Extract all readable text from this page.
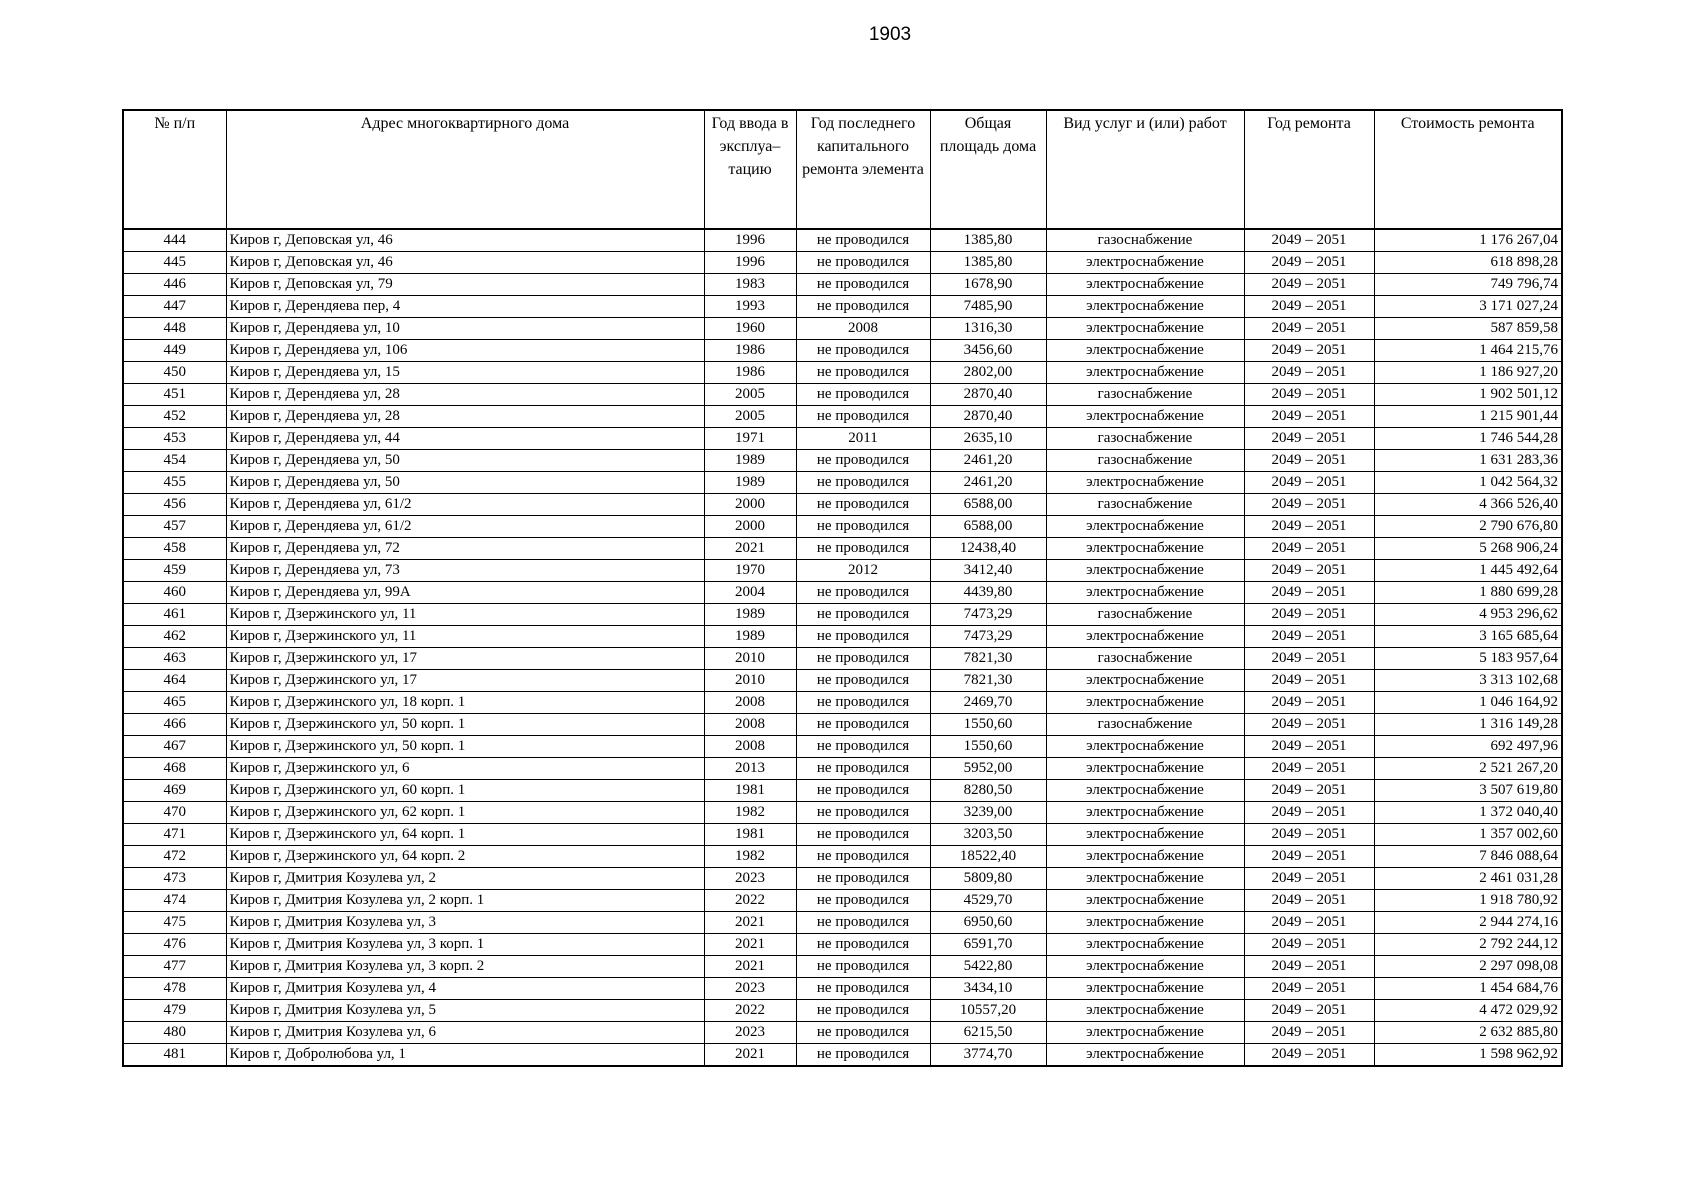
1903
№ п/п	Адрес многоквартирного дома	Год ввода в эксплуа–тацию	Год последнего капитального ремонта элемента	Общая площадь дома	Вид услуг и (или) работ	Год ремонта	Стоимость ремонта
444	Киров г, Деповская ул, 46	1996	не проводился	1385,80	газоснабжение	2049 – 2051	1 176 267,04
445	Киров г, Деповская ул, 46	1996	не проводился	1385,80	электроснабжение	2049 – 2051	618 898,28
446	Киров г, Деповская ул, 79	1983	не проводился	1678,90	электроснабжение	2049 – 2051	749 796,74
447	Киров г, Дерендяева пер, 4	1993	не проводился	7485,90	электроснабжение	2049 – 2051	3 171 027,24
448	Киров г, Дерендяева ул, 10	1960	2008	1316,30	электроснабжение	2049 – 2051	587 859,58
449	Киров г, Дерендяева ул, 106	1986	не проводился	3456,60	электроснабжение	2049 – 2051	1 464 215,76
450	Киров г, Дерендяева ул, 15	1986	не проводился	2802,00	электроснабжение	2049 – 2051	1 186 927,20
451	Киров г, Дерендяева ул, 28	2005	не проводился	2870,40	газоснабжение	2049 – 2051	1 902 501,12
452	Киров г, Дерендяева ул, 28	2005	не проводился	2870,40	электроснабжение	2049 – 2051	1 215 901,44
453	Киров г, Дерендяева ул, 44	1971	2011	2635,10	газоснабжение	2049 – 2051	1 746 544,28
454	Киров г, Дерендяева ул, 50	1989	не проводился	2461,20	газоснабжение	2049 – 2051	1 631 283,36
455	Киров г, Дерендяева ул, 50	1989	не проводился	2461,20	электроснабжение	2049 – 2051	1 042 564,32
456	Киров г, Дерендяева ул, 61/2	2000	не проводился	6588,00	газоснабжение	2049 – 2051	4 366 526,40
457	Киров г, Дерендяева ул, 61/2	2000	не проводился	6588,00	электроснабжение	2049 – 2051	2 790 676,80
458	Киров г, Дерендяева ул, 72	2021	не проводился	12438,40	электроснабжение	2049 – 2051	5 268 906,24
459	Киров г, Дерендяева ул, 73	1970	2012	3412,40	электроснабжение	2049 – 2051	1 445 492,64
460	Киров г, Дерендяева ул, 99А	2004	не проводился	4439,80	электроснабжение	2049 – 2051	1 880 699,28
461	Киров г, Дзержинского ул, 11	1989	не проводился	7473,29	газоснабжение	2049 – 2051	4 953 296,62
462	Киров г, Дзержинского ул, 11	1989	не проводился	7473,29	электроснабжение	2049 – 2051	3 165 685,64
463	Киров г, Дзержинского ул, 17	2010	не проводился	7821,30	газоснабжение	2049 – 2051	5 183 957,64
464	Киров г, Дзержинского ул, 17	2010	не проводился	7821,30	электроснабжение	2049 – 2051	3 313 102,68
465	Киров г, Дзержинского ул, 18 корп. 1	2008	не проводился	2469,70	электроснабжение	2049 – 2051	1 046 164,92
466	Киров г, Дзержинского ул, 50 корп. 1	2008	не проводился	1550,60	газоснабжение	2049 – 2051	1 316 149,28
467	Киров г, Дзержинского ул, 50 корп. 1	2008	не проводился	1550,60	электроснабжение	2049 – 2051	692 497,96
468	Киров г, Дзержинского ул, 6	2013	не проводился	5952,00	электроснабжение	2049 – 2051	2 521 267,20
469	Киров г, Дзержинского ул, 60 корп. 1	1981	не проводился	8280,50	электроснабжение	2049 – 2051	3 507 619,80
470	Киров г, Дзержинского ул, 62 корп. 1	1982	не проводился	3239,00	электроснабжение	2049 – 2051	1 372 040,40
471	Киров г, Дзержинского ул, 64 корп. 1	1981	не проводился	3203,50	электроснабжение	2049 – 2051	1 357 002,60
472	Киров г, Дзержинского ул, 64 корп. 2	1982	не проводился	18522,40	электроснабжение	2049 – 2051	7 846 088,64
473	Киров г, Дмитрия Козулева ул, 2	2023	не проводился	5809,80	электроснабжение	2049 – 2051	2 461 031,28
474	Киров г, Дмитрия Козулева ул, 2 корп. 1	2022	не проводился	4529,70	электроснабжение	2049 – 2051	1 918 780,92
475	Киров г, Дмитрия Козулева ул, 3	2021	не проводился	6950,60	электроснабжение	2049 – 2051	2 944 274,16
476	Киров г, Дмитрия Козулева ул, 3 корп. 1	2021	не проводился	6591,70	электроснабжение	2049 – 2051	2 792 244,12
477	Киров г, Дмитрия Козулева ул, 3 корп. 2	2021	не проводился	5422,80	электроснабжение	2049 – 2051	2 297 098,08
478	Киров г, Дмитрия Козулева ул, 4	2023	не проводился	3434,10	электроснабжение	2049 – 2051	1 454 684,76
479	Киров г, Дмитрия Козулева ул, 5	2022	не проводился	10557,20	электроснабжение	2049 – 2051	4 472 029,92
480	Киров г, Дмитрия Козулева ул, 6	2023	не проводился	6215,50	электроснабжение	2049 – 2051	2 632 885,80
481	Киров г, Добролюбова ул, 1	2021	не проводился	3774,70	электроснабжение	2049 – 2051	1 598 962,92
